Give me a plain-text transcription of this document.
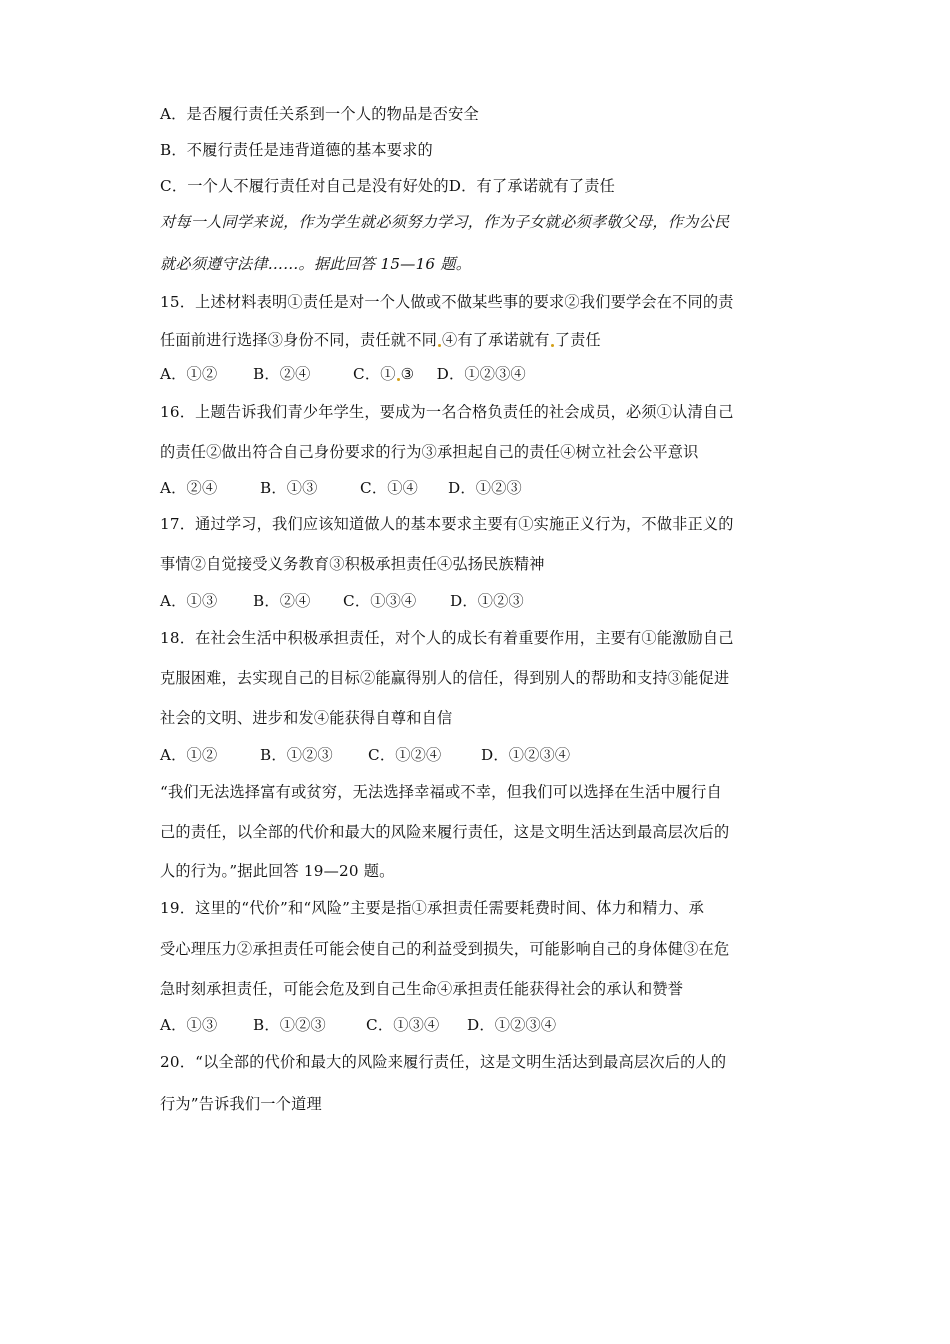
A．是否履行责任关系到一个人的物品是否安全
B．不履行责任是违背道德的基本要求的
C．一个人不履行责任对自己是没有好处的D．有了承诺就有了责任
对每一人同学来说，作为学生就必须努力学习，作为子女就必须孝敬父母，作为公民
就必须遵守法律……。据此回答 15—16 题。
15．上述材料表明①责任是对一个人做或不做某些事的要求②我们要学会在不同的责
任面前进行选择③身份不同，责任就不同 ④有了承诺就有 了责任
A．①② B．②④	C．① ③ D．①②③④
16．上题告诉我们青少年学生，要成为一名合格负责任的社会成员，必须①认清自己
的责任②做出符合自己身份要求的行为③承担起自己的责任④树立社会公平意识
A．②④	B．①③	C．①④ D．①②③
17．通过学习，我们应该知道做人的基本要求主要有①实施正义行为，不做非正义的
事情②自觉接受义务教育③积极承担责任④弘扬民族精神
A．①③ B．②④ C．①③④ D．①②③
18．在社会生活中积极承担责任，对个人的成长有着重要作用，主要有①能激励自己
克服困难，去实现自己的目标②能赢得别人的信任，得到别人的帮助和支持③能促进
社会的文明、进步和发④能获得自尊和自信
A．①②	B．①②③ C．①②④	D．①②③④
“我们无法选择富有或贫穷，无法选择幸福或不幸，但我们可以选择在生活中履行自
己的责任，以全部的代价和最大的风险来履行责任，这是文明生活达到最高层次后的
人的行为。”据此回答 19—20 题。
19．这里的“代价”和“风险”主要是指①承担责任需要耗费时间、体力和精力、承
受心理压力②承担责任可能会使自己的利益受到损失，可能影响自己的身体健③在危
急时刻承担责任，可能会危及到自己生命④承担责任能获得社会的承认和赞誉
A．①③ B．①②③	C．①③④ D．①②③④
20．“以全部的代价和最大的风险来履行责任，这是文明生活达到最高层次后的人的
行为”告诉我们一个道理
